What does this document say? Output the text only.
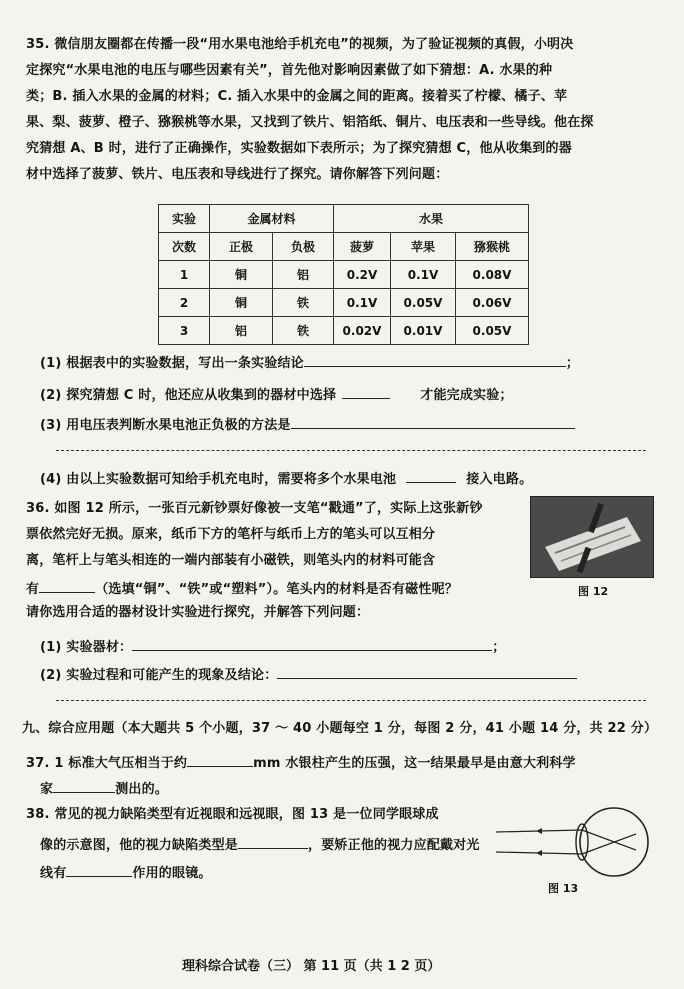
35. 微信朋友圈都在传播一段“用水果电池给手机充电”的视频，为了验证视频的真假，小明决
定探究“水果电池的电压与哪些因素有关”，首先他对影响因素做了如下猜想：A. 水果的种
类；B. 插入水果的金属的材料；C. 插入水果中的金属之间的距离。接着买了柠檬、橘子、苹
果、梨、菠萝、橙子、猕猴桃等水果，又找到了铁片、铝箔纸、铜片、电压表和一些导线。他在探
究猜想 A、B 时，进行了正确操作，实验数据如下表所示；为了探究猜想 C，他从收集到的器
材中选择了菠萝、铁片、电压表和导线进行了探究。请你解答下列问题：
实验	金属材料		水果		
次数	正极	负极	菠萝	苹果	猕猴桃
1	铜	铝	0.2V	0.1V	0.08V
2	铜	铁	0.1V	0.05V	0.06V
3	铝	铁	0.02V	0.01V	0.05V
(1) 根据表中的实验数据，写出一条实验结论	；
(2) 探究猜想 C 时，他还应从收集到的器材中选择	才能完成实验；
(3) 用电压表判断水果电池正负极的方法是
(4) 由以上实验数据可知给手机充电时，需要将多个水果电池	接入电路。
36. 如图 12 所示，一张百元新钞票好像被一支笔“戳通”了，实际上这张新钞
票依然完好无损。原来，纸币下方的笔杆与纸币上方的笔头可以互相分
离，笔杆上与笔头相连的一端内部装有小磁铁，则笔头内的材料可能含
有	（选填“铜”、“铁”或“塑料”）。笔头内的材料是否有磁性呢？
请你选用合适的器材设计实验进行探究，并解答下列问题：
图 12
(1) 实验器材：	；
(2) 实验过程和可能产生的现象及结论：
九、综合应用题（本大题共 5 个小题，37 ～ 40 小题每空 1 分，每图 2 分，41 小题 14 分，共 22 分）
37. 1 标准大气压相当于约	mm 水银柱产生的压强，这一结果最早是由意大利科学
家	测出的。
38. 常见的视力缺陷类型有近视眼和远视眼，图 13 是一位同学眼球成
像的示意图，他的视力缺陷类型是	，要矫正他的视力应配戴对光
线有	作用的眼镜。
图 13
理科综合试卷（三） 第 11 页（共 1 2 页）
